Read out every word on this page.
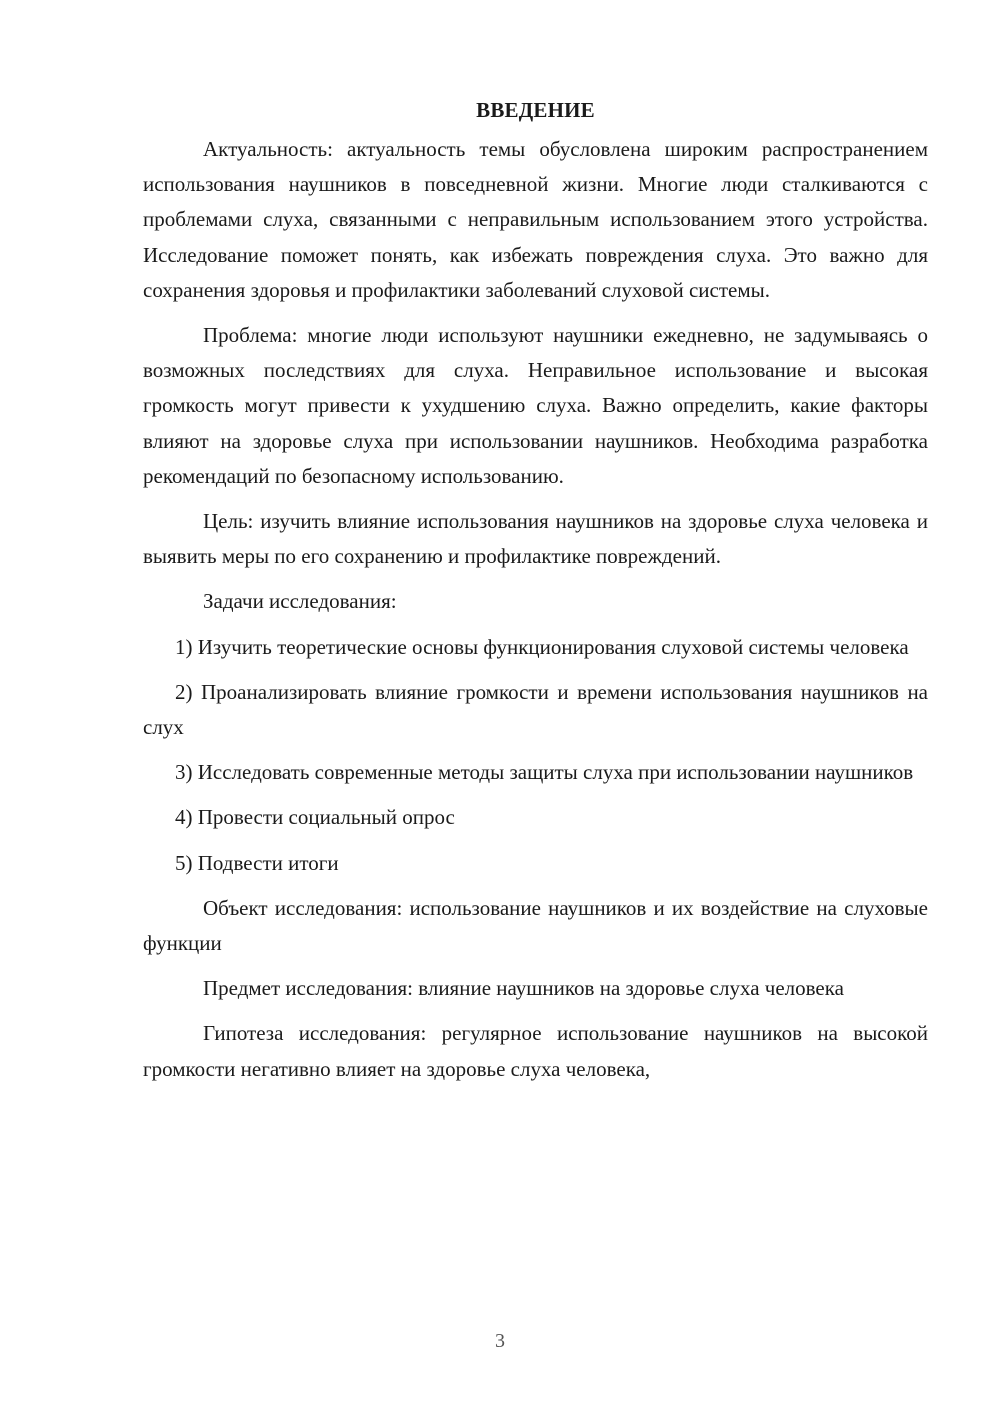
ВВЕДЕНИЕ

Актуальность: актуальность темы обусловлена широким распространением использования наушников в повседневной жизни. Многие люди сталкиваются с проблемами слуха, связанными с неправильным использованием этого устройства. Исследование поможет понять, как избежать повреждения слуха. Это важно для сохранения здоровья и профилактики заболеваний слуховой системы.

Проблема: многие люди используют наушники ежедневно, не задумываясь о возможных последствиях для слуха. Неправильное использование и высокая громкость могут привести к ухудшению слуха. Важно определить, какие факторы влияют на здоровье слуха при использовании наушников. Необходима разработка рекомендаций по безопасному использованию.

Цель: изучить влияние использования наушников на здоровье слуха человека и выявить меры по его сохранению и профилактике повреждений.

Задачи исследования:

1) Изучить теоретические основы функционирования слуховой системы человека

2) Проанализировать влияние громкости и времени использования наушников на слух

3) Исследовать современные методы защиты слуха при использовании наушников

4) Провести социальный опрос

5) Подвести итоги

Объект исследования: использование наушников и их воздействие на слуховые функции

Предмет исследования: влияние наушников на здоровье слуха человека

Гипотеза исследования: регулярное использование наушников на высокой громкости негативно влияет на здоровье слуха человека,

3
